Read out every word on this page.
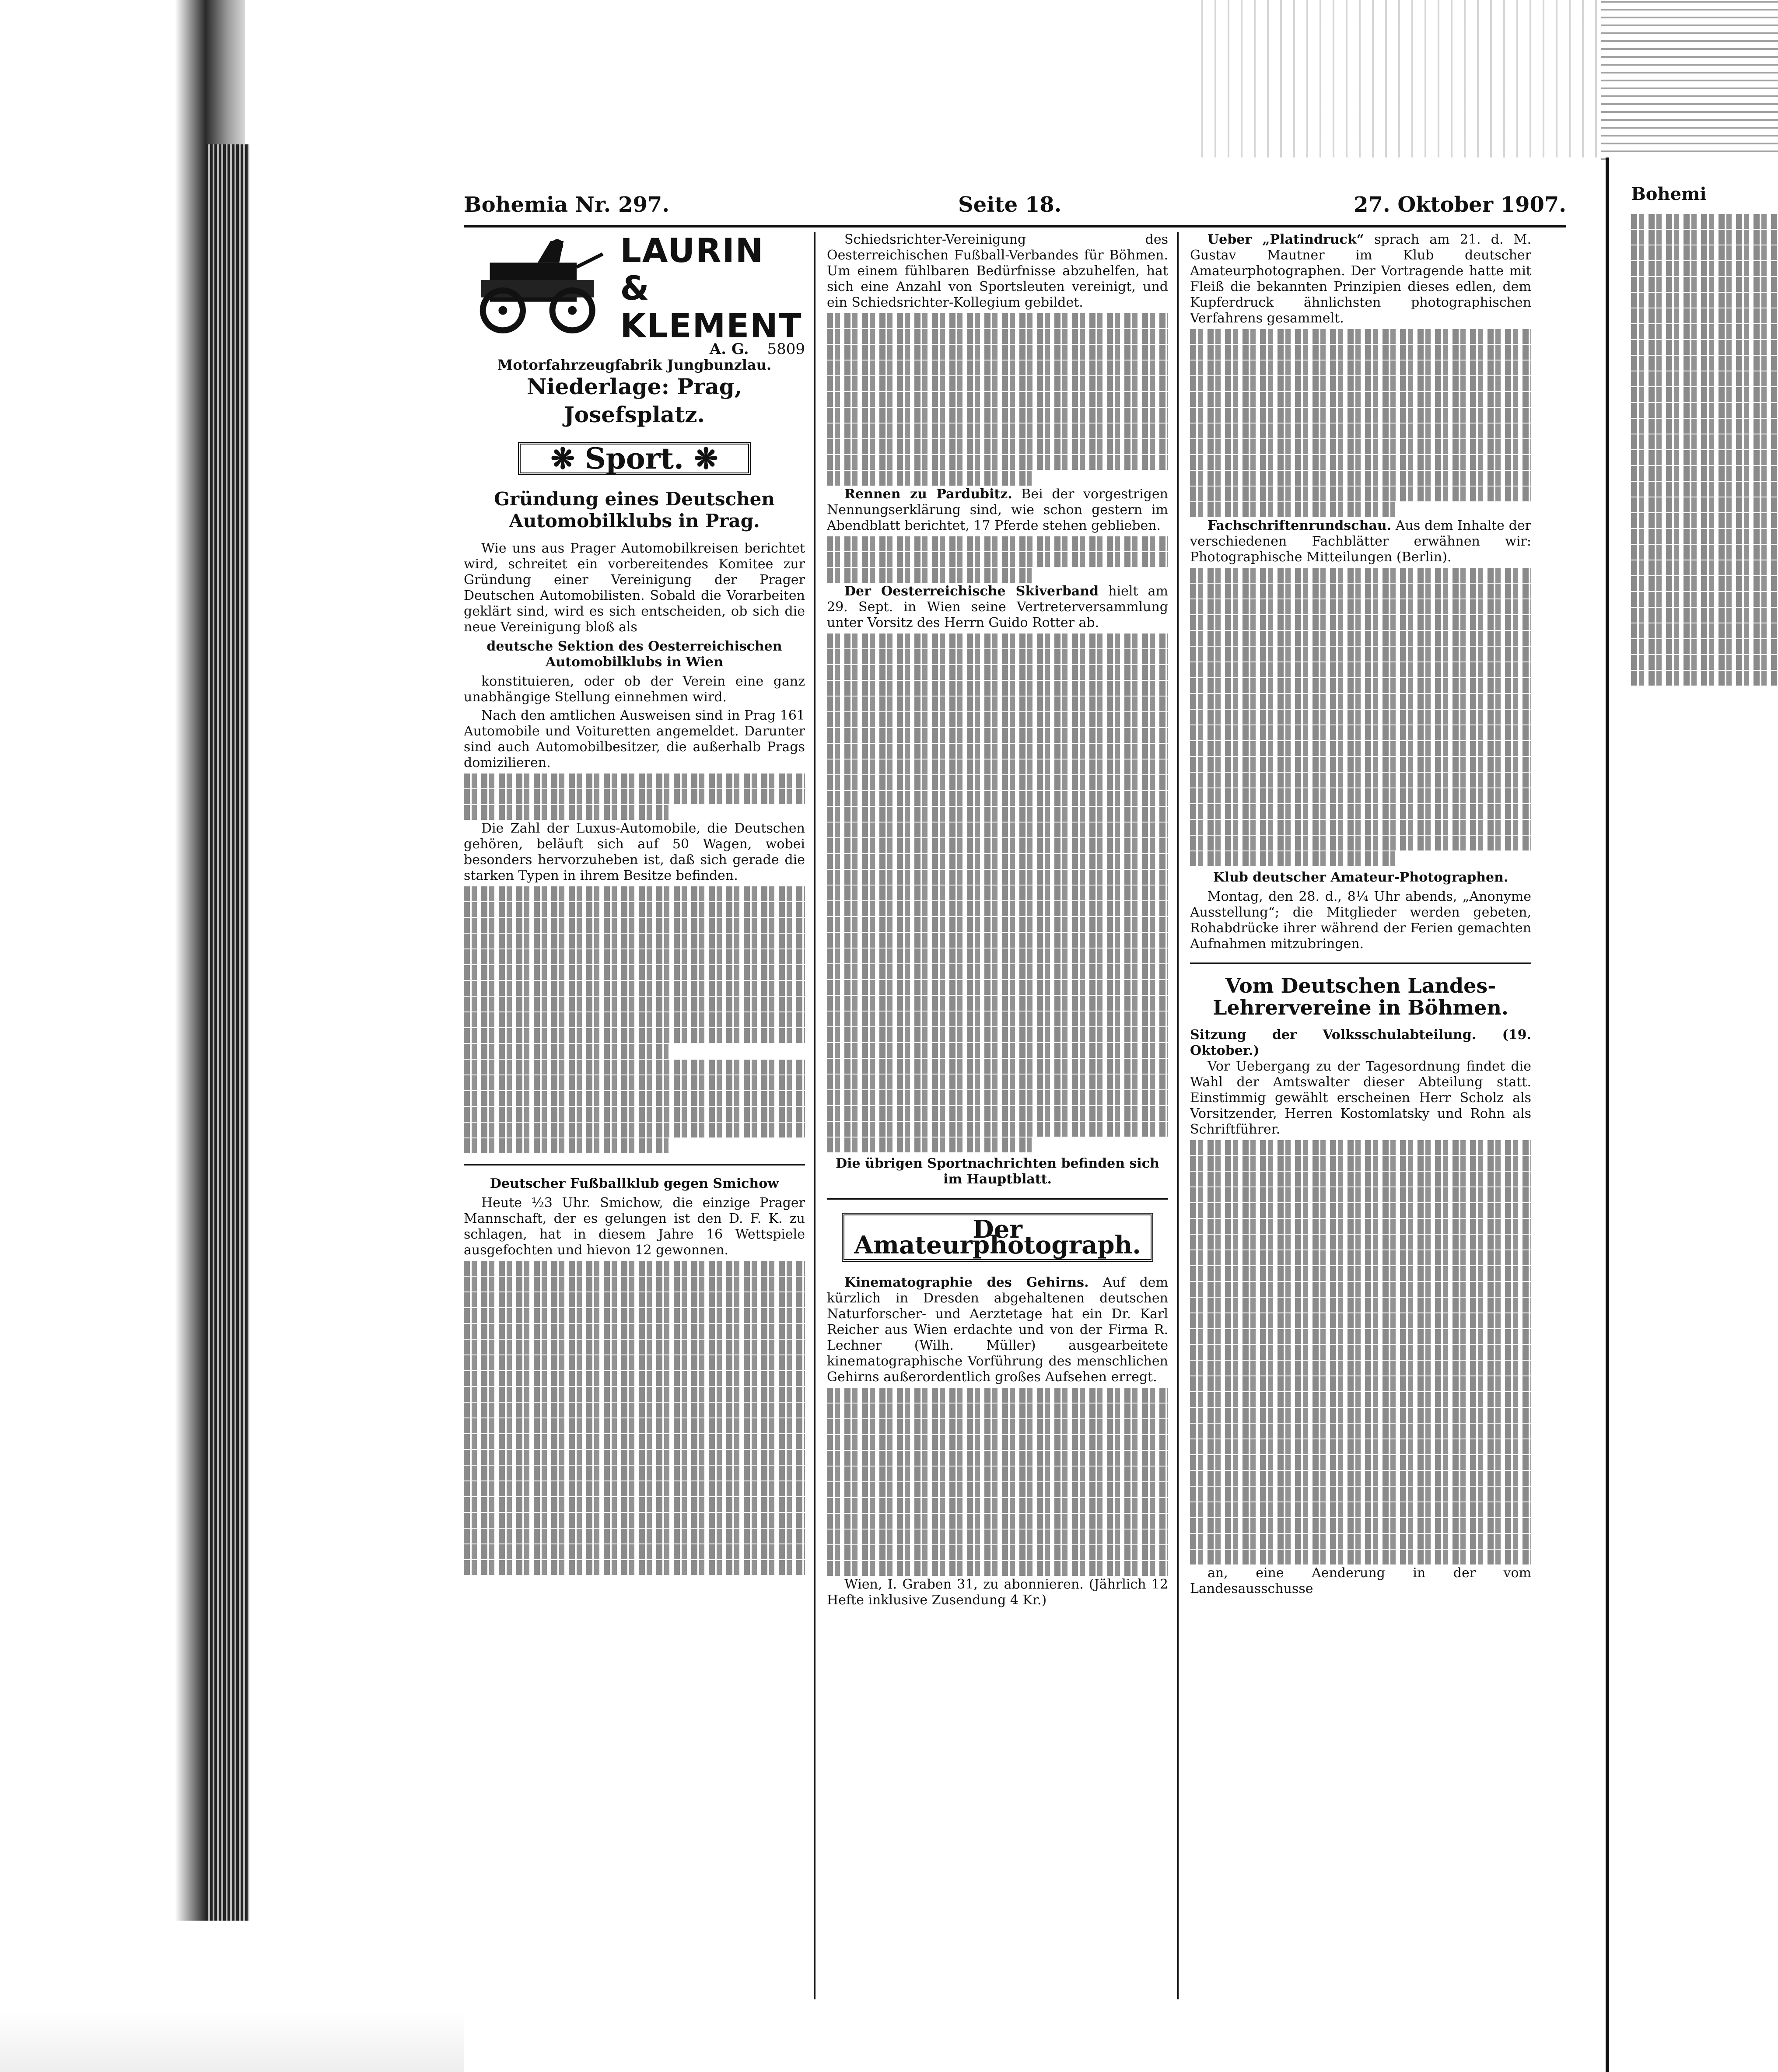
Bohemia Nr. 297.	Seite 18.	27. Oktober 1907.
LAURIN &
KLEMENT
A. G. 5809
Motorfahrzeugfabrik Jungbunzlau.
Niederlage: Prag, Josefsplatz.
❋ Sport. ❋
Gründung eines Deutschen Automobilklubs in Prag.

Wie uns aus Prager Automobilkreisen berichtet wird, schreitet ein vorbereitendes Komitee zur Gründung einer Vereinigung der Prager Deutschen Automobilisten. Sobald die Vorarbeiten geklärt sind, wird es sich entscheiden, ob sich die neue Vereinigung bloß als

deutsche Sektion des Oesterreichischen Automobilklubs in Wien

konstituieren, oder ob der Verein eine ganz unabhängige Stellung einnehmen wird.

Nach den amtlichen Ausweisen sind in Prag 161 Automobile und Voituretten angemeldet. Darunter sind auch Automobilbesitzer, die außerhalb Prags domizilieren.

Die Zahl der Luxus-Automobile, die Deutschen gehören, beläuft sich auf 50 Wagen, wobei besonders hervorzuheben ist, daß sich gerade die starken Typen in ihrem Besitze befinden.

Deutscher Fußballklub gegen Smichow

Heute ½3 Uhr. Smichow, die einzige Prager Mannschaft, der es gelungen ist den D. F. K. zu schlagen, hat in diesem Jahre 16 Wettspiele ausgefochten und hievon 12 gewonnen.

Schiedsrichter-Vereinigung des Oesterreichischen Fußball-Verbandes für Böhmen. Um einem fühlbaren Bedürfnisse abzuhelfen, hat sich eine Anzahl von Sportsleuten vereinigt, und ein Schiedsrichter-Kollegium gebildet.

Rennen zu Pardubitz. Bei der vorgestrigen Nennungserklärung sind, wie schon gestern im Abendblatt berichtet, 17 Pferde stehen geblieben.

Der Oesterreichische Skiverband hielt am 29. Sept. in Wien seine Vertreterversammlung unter Vorsitz des Herrn Guido Rotter ab.

Die übrigen Sportnachrichten befinden sich im Hauptblatt.
Der Amateurphotograph.

Kinematographie des Gehirns. Auf dem kürzlich in Dresden abgehaltenen deutschen Naturforscher- und Aerztetage hat ein Dr. Karl Reicher aus Wien erdachte und von der Firma R. Lechner (Wilh. Müller) ausgearbeitete kinematographische Vorführung des menschlichen Gehirns außerordentlich großes Aufsehen erregt.

Wien, I. Graben 31, zu abonnieren. (Jährlich 12 Hefte inklusive Zusendung 4 Kr.)

Ueber „Platindruck“ sprach am 21. d. M. Gustav Mautner im Klub deutscher Amateurphotographen. Der Vortragende hatte mit Fleiß die bekannten Prinzipien dieses edlen, dem Kupferdruck ähnlichsten photographischen Verfahrens gesammelt.

Fachschriftenrundschau. Aus dem Inhalte der verschiedenen Fachblätter erwähnen wir: Photographische Mitteilungen (Berlin).

Klub deutscher Amateur-Photographen.

Montag, den 28. d., 8¼ Uhr abends, „Anonyme Ausstellung“; die Mitglieder werden gebeten, Rohabdrücke ihrer während der Ferien gemachten Aufnahmen mitzubringen.

Vom Deutschen Landes-Lehrervereine in Böhmen.
Sitzung der Volksschulabteilung. (19. Oktober.)

Vor Uebergang zu der Tagesordnung findet die Wahl der Amtswalter dieser Abteilung statt. Einstimmig gewählt erscheinen Herr Scholz als Vorsitzender, Herren Kostomlatsky und Rohn als Schriftführer.

an, eine Aenderung in der vom Landesausschusse

Bohemi
